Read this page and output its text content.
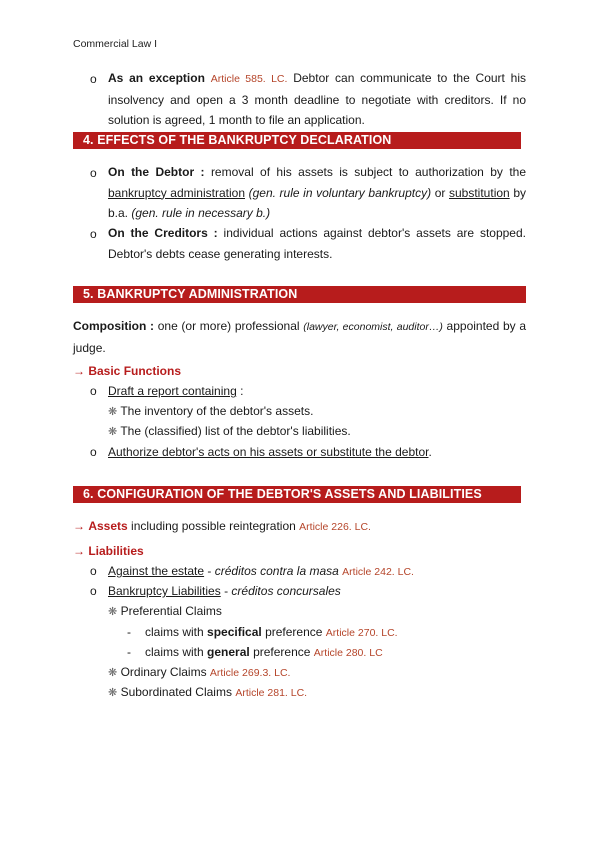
Commercial Law I
o As an exception Article 585. LC. Debtor can communicate to the Court his insolvency and open a 3 month deadline to negotiate with creditors. If no solution is agreed, 1 month to file an application.
4. EFFECTS OF THE BANKRUPTCY DECLARATION
o On the Debtor : removal of his assets is subject to authorization by the bankruptcy administration (gen. rule in voluntary bankruptcy) or substitution by b.a. (gen. rule in necessary b.)
o On the Creditors : individual actions against debtor's assets are stopped. Debtor's debts cease generating interests.
5. BANKRUPTCY ADMINISTRATION
Composition : one (or more) professional (lawyer, economist, auditor…) appointed by a judge.
→ Basic Functions
o Draft a report containing :
❋ The inventory of the debtor's assets.
❋ The (classified) list of the debtor's liabilities.
o Authorize debtor's acts on his assets or substitute the debtor.
6. CONFIGURATION OF THE DEBTOR'S ASSETS AND LIABILITIES
→ Assets including possible reintegration Article 226. LC.
→ Liabilities
o Against the estate - créditos contra la masa Article 242. LC.
o Bankruptcy Liabilities - créditos concursales
❋ Preferential Claims
- claims with specifical preference Article 270. LC.
- claims with general preference Article 280. LC
❋ Ordinary Claims Article 269.3. LC.
❋ Subordinated Claims Article 281. LC.
